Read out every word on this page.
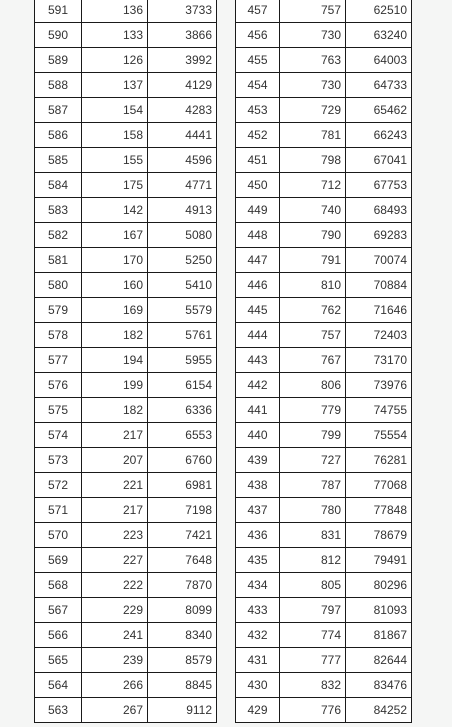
591	136	3733
590	133	3866
589	126	3992
588	137	4129
587	154	4283
586	158	4441
585	155	4596
584	175	4771
583	142	4913
582	167	5080
581	170	5250
580	160	5410
579	169	5579
578	182	5761
577	194	5955
576	199	6154
575	182	6336
574	217	6553
573	207	6760
572	221	6981
571	217	7198
570	223	7421
569	227	7648
568	222	7870
567	229	8099
566	241	8340
565	239	8579
564	266	8845
563	267	9112
457	757	62510
456	730	63240
455	763	64003
454	730	64733
453	729	65462
452	781	66243
451	798	67041
450	712	67753
449	740	68493
448	790	69283
447	791	70074
446	810	70884
445	762	71646
444	757	72403
443	767	73170
442	806	73976
441	779	74755
440	799	75554
439	727	76281
438	787	77068
437	780	77848
436	831	78679
435	812	79491
434	805	80296
433	797	81093
432	774	81867
431	777	82644
430	832	83476
429	776	84252
